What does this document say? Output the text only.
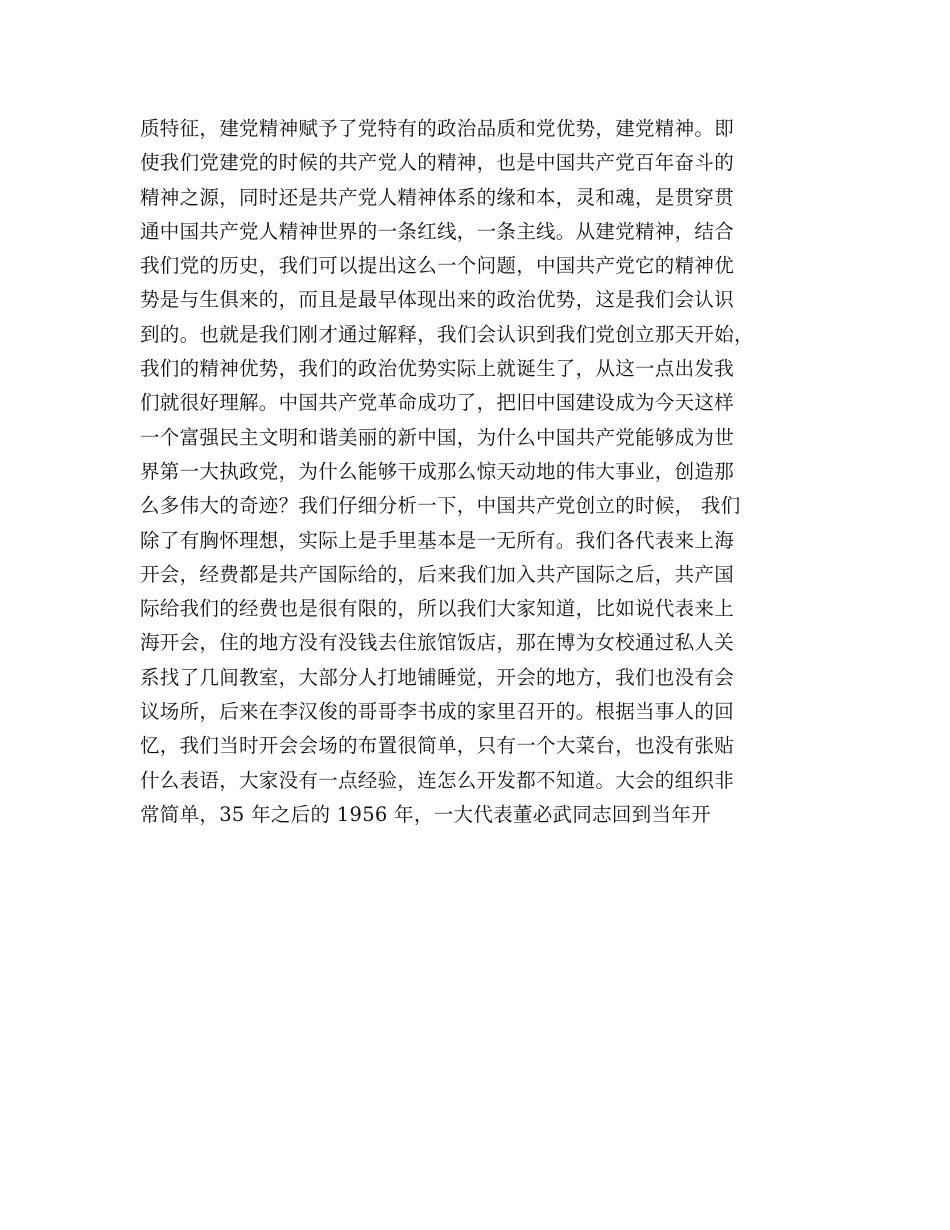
质特征，建党精神赋予了党特有的政治品质和党优势，建党精神。即
使我们党建党的时候的共产党人的精神，也是中国共产党百年奋斗的
精神之源，同时还是共产党人精神体系的缘和本，灵和魂，是贯穿贯
通中国共产党人精神世界的一条红线，一条主线。从建党精神，结合
我们党的历史，我们可以提出这么一个问题，中国共产党它的精神优
势是与生俱来的，而且是最早体现出来的政治优势，这是我们会认识
到的。也就是我们刚才通过解释，我们会认识到我们党创立那天开始，
我们的精神优势，我们的政治优势实际上就诞生了，从这一点出发我
们就很好理解。中国共产党革命成功了，把旧中国建设成为今天这样
一个富强民主文明和谐美丽的新中国，为什么中国共产党能够成为世
界第一大执政党，为什么能够干成那么惊天动地的伟大事业，创造那
么多伟大的奇迹？我们仔细分析一下，中国共产党创立的时候， 我们
除了有胸怀理想，实际上是手里基本是一无所有。我们各代表来上海
开会，经费都是共产国际给的，后来我们加入共产国际之后，共产国
际给我们的经费也是很有限的，所以我们大家知道，比如说代表来上
海开会，住的地方没有没钱去住旅馆饭店，那在博为女校通过私人关
系找了几间教室，大部分人打地铺睡觉，开会的地方，我们也没有会
议场所，后来在李汉俊的哥哥李书成的家里召开的。根据当事人的回
忆，我们当时开会会场的布置很简单，只有一个大菜台，也没有张贴
什么表语，大家没有一点经验，连怎么开发都不知道。大会的组织非
常简单，35 年之后的 1956 年，一大代表董必武同志回到当年开
